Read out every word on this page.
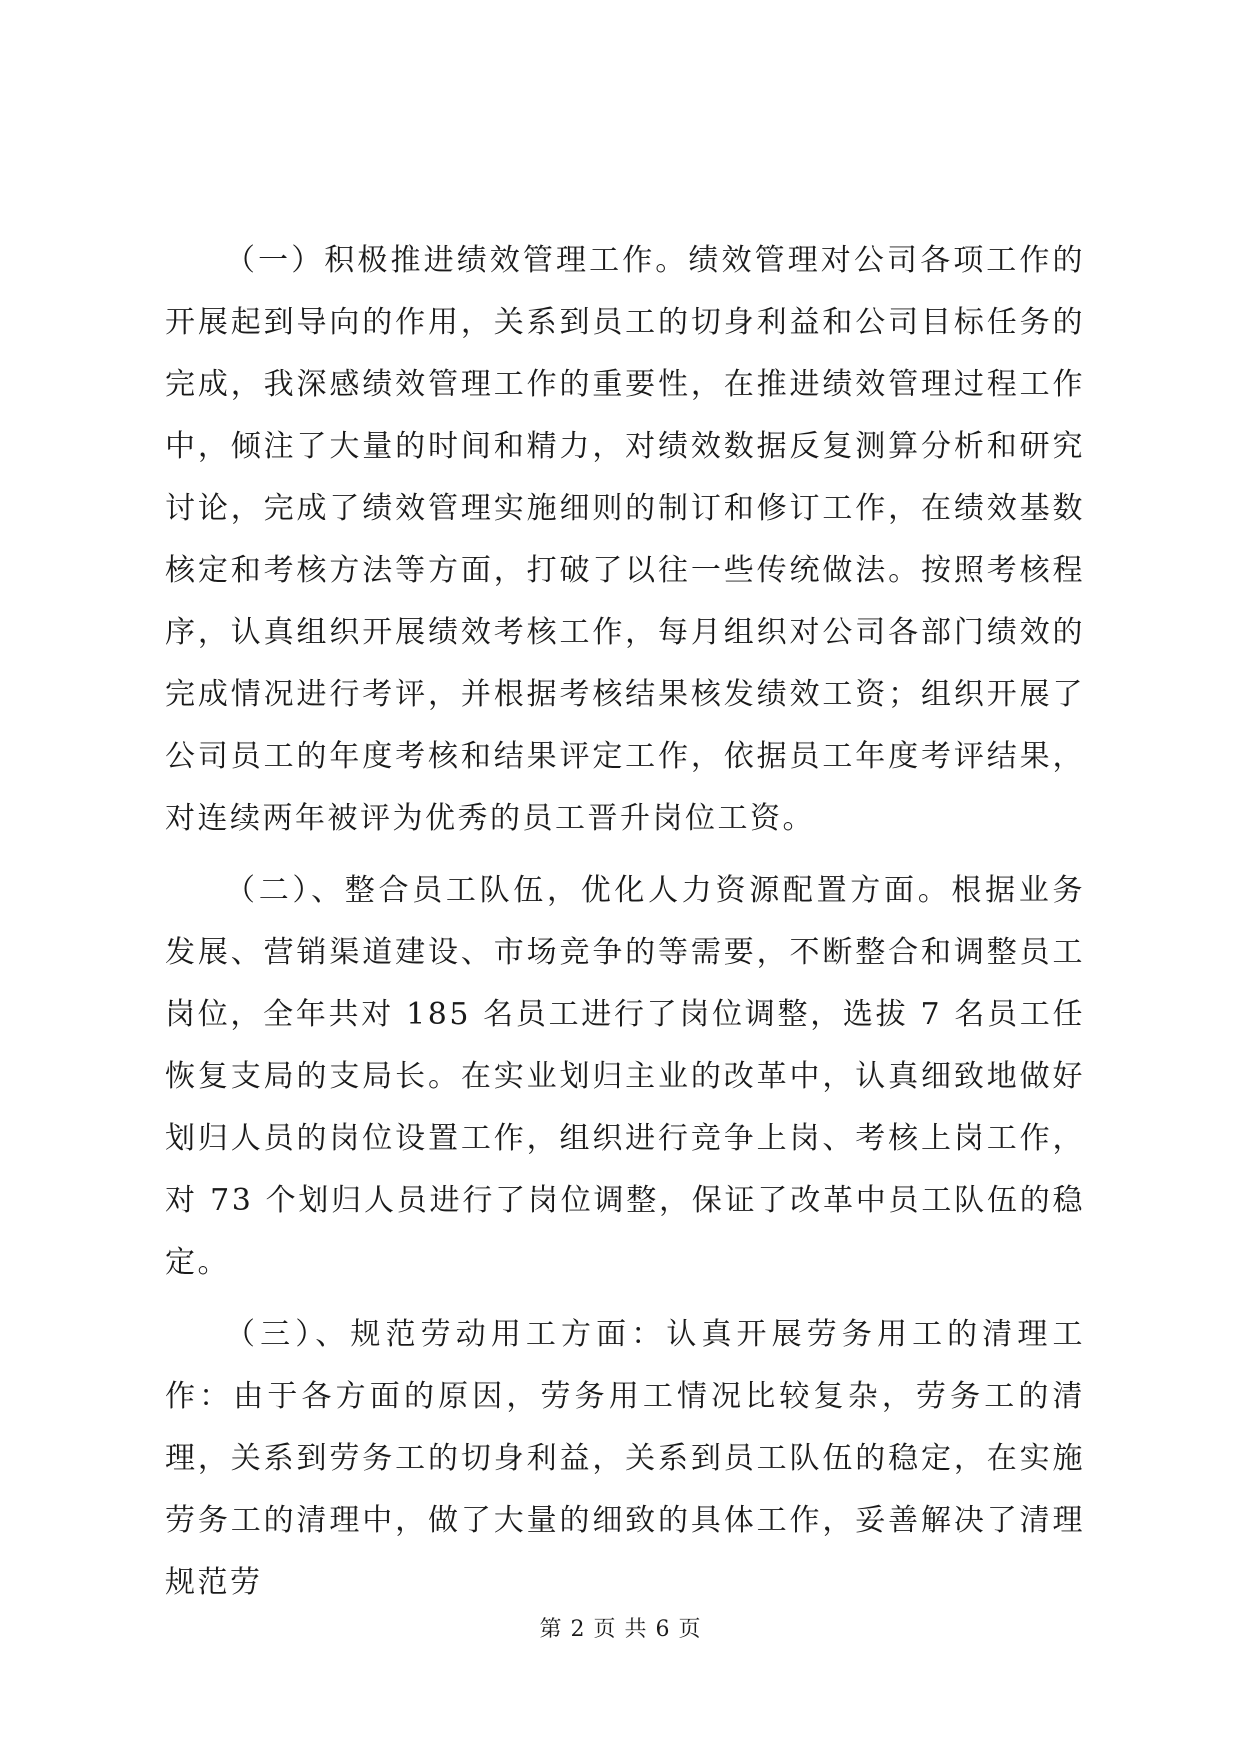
（一）积极推进绩效管理工作。绩效管理对公司各项工作的开展起到导向的作用，关系到员工的切身利益和公司目标任务的完成，我深感绩效管理工作的重要性，在推进绩效管理过程工作中，倾注了大量的时间和精力，对绩效数据反复测算分析和研究讨论，完成了绩效管理实施细则的制订和修订工作，在绩效基数核定和考核方法等方面，打破了以往一些传统做法。按照考核程序，认真组织开展绩效考核工作，每月组织对公司各部门绩效的完成情况进行考评，并根据考核结果核发绩效工资；组织开展了公司员工的年度考核和结果评定工作，依据员工年度考评结果，对连续两年被评为优秀的员工晋升岗位工资。

（二）、整合员工队伍，优化人力资源配置方面。根据业务发展、营销渠道建设、市场竞争的等需要，不断整合和调整员工岗位，全年共对 185 名员工进行了岗位调整，选拔 7 名员工任恢复支局的支局长。在实业划归主业的改革中，认真细致地做好划归人员的岗位设置工作，组织进行竞争上岗、考核上岗工作，对 73 个划归人员进行了岗位调整，保证了改革中员工队伍的稳定。

（三）、规范劳动用工方面：认真开展劳务用工的清理工作：由于各方面的原因，劳务用工情况比较复杂，劳务工的清理，关系到劳务工的切身利益，关系到员工队伍的稳定，在实施劳务工的清理中，做了大量的细致的具体工作，妥善解决了清理规范劳

第 2 页 共 6 页
